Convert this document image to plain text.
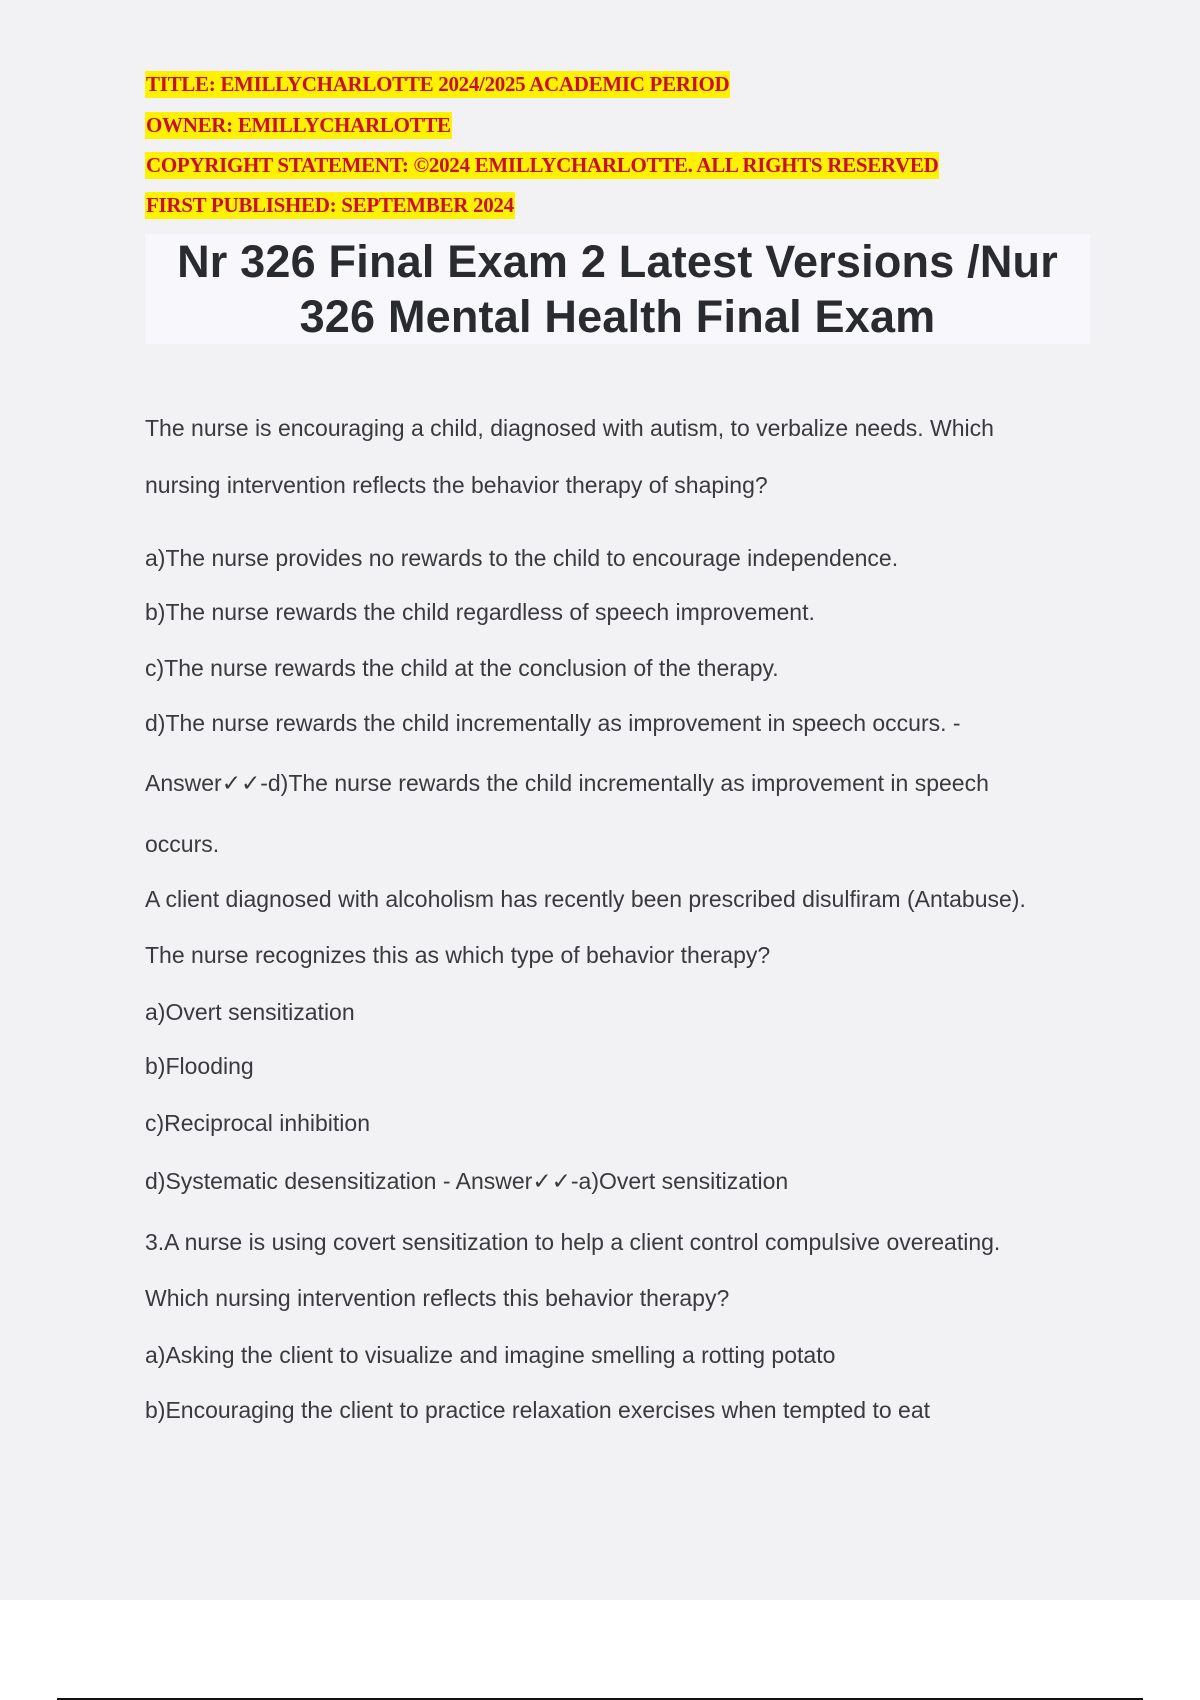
TITLE: EMILLYCHARLOTTE 2024/2025 ACADEMIC PERIOD
OWNER: EMILLYCHARLOTTE
COPYRIGHT STATEMENT: ©2024 EMILLYCHARLOTTE. ALL RIGHTS RESERVED
FIRST PUBLISHED: SEPTEMBER 2024
Nr 326 Final Exam 2 Latest Versions /Nur
326 Mental Health Final Exam
The nurse is encouraging a child, diagnosed with autism, to verbalize needs. Which
nursing intervention reflects the behavior therapy of shaping?
a)The nurse provides no rewards to the child to encourage independence.
b)The nurse rewards the child regardless of speech improvement.
c)The nurse rewards the child at the conclusion of the therapy.
d)The nurse rewards the child incrementally as improvement in speech occurs. -
Answer✓✓-d)The nurse rewards the child incrementally as improvement in speech
occurs.
A client diagnosed with alcoholism has recently been prescribed disulfiram (Antabuse).
The nurse recognizes this as which type of behavior therapy?
a)Overt sensitization
b)Flooding
c)Reciprocal inhibition
d)Systematic desensitization - Answer✓✓-a)Overt sensitization
3.A nurse is using covert sensitization to help a client control compulsive overeating.
Which nursing intervention reflects this behavior therapy?
a)Asking the client to visualize and imagine smelling a rotting potato
b)Encouraging the client to practice relaxation exercises when tempted to eat
